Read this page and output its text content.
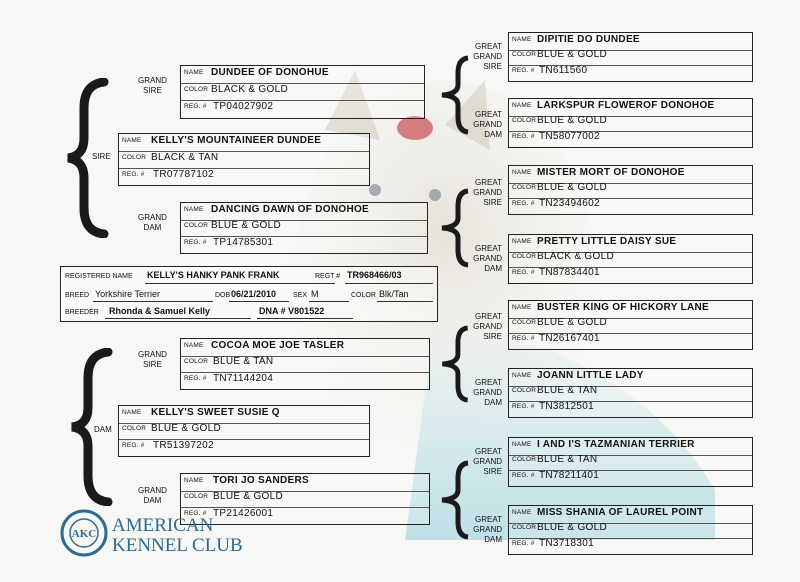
GRAND
SIRE
SIRE
GRAND
DAM
GRAND
SIRE
DAM
GRAND
DAM
GREAT
GRAND
SIRE
GREAT
GRAND
DAM
GREAT
GRAND
SIRE
GREAT
GRAND
DAM
GREAT
GRAND
SIRE
GREAT
GRAND
DAM
GREAT
GRAND
SIRE
GREAT
GRAND
DAM
NAME DUNDEE OF DONOHUE
COLOR BLACK & GOLD
REG. # TP04027902
NAME KELLY'S MOUNTAINEER DUNDEE
COLOR BLACK & TAN
REG. # TR07787102
NAME DANCING DAWN OF DONOHOE
COLOR BLUE & GOLD
REG. # TP14785301
REGISTERED NAME KELLY'S HANKY PANK FRANK	REGT # TR968466/03
BREED Yorkshire Terrier	DOB 06/21/2010 SEX M	COLOR Blk/Tan
BREEDER Rhonda & Samuel Kelly	DNA # V801522
NAME COCOA MOE JOE TASLER
COLOR BLUE & TAN
REG. # TN71144204
NAME KELLY'S SWEET SUSIE Q
COLOR BLUE & GOLD
REG. # TR51397202
NAME TORI JO SANDERS
COLOR BLUE & GOLD
REG. # TP21426001
NAME DIPITIE DO DUNDEE
COLOR BLUE & GOLD
REG. # TN611560
NAME LARKSPUR FLOWEROF DONOHOE
COLOR BLUE & GOLD
REG. # TN58077002
NAME MISTER MORT OF DONOHOE
COLOR BLUE & GOLD
REG. # TN23494602
NAME PRETTY LITTLE DAISY SUE
COLOR BLACK & GOLD
REG. # TN87834401
NAME BUSTER KING OF HICKORY LANE
COLOR BLUE & GOLD
REG. # TN26167401
NAME JOANN LITTLE LADY
COLOR BLUE & TAN
REG. # TN3812501
NAME I AND I'S TAZMANIAN TERRIER
COLOR BLUE & TAN
REG. # TN78211401
NAME MISS SHANIA OF LAUREL POINT
COLOR BLUE & GOLD
REG. # TN3718301
AKC AMERICAN
KENNEL CLUB
